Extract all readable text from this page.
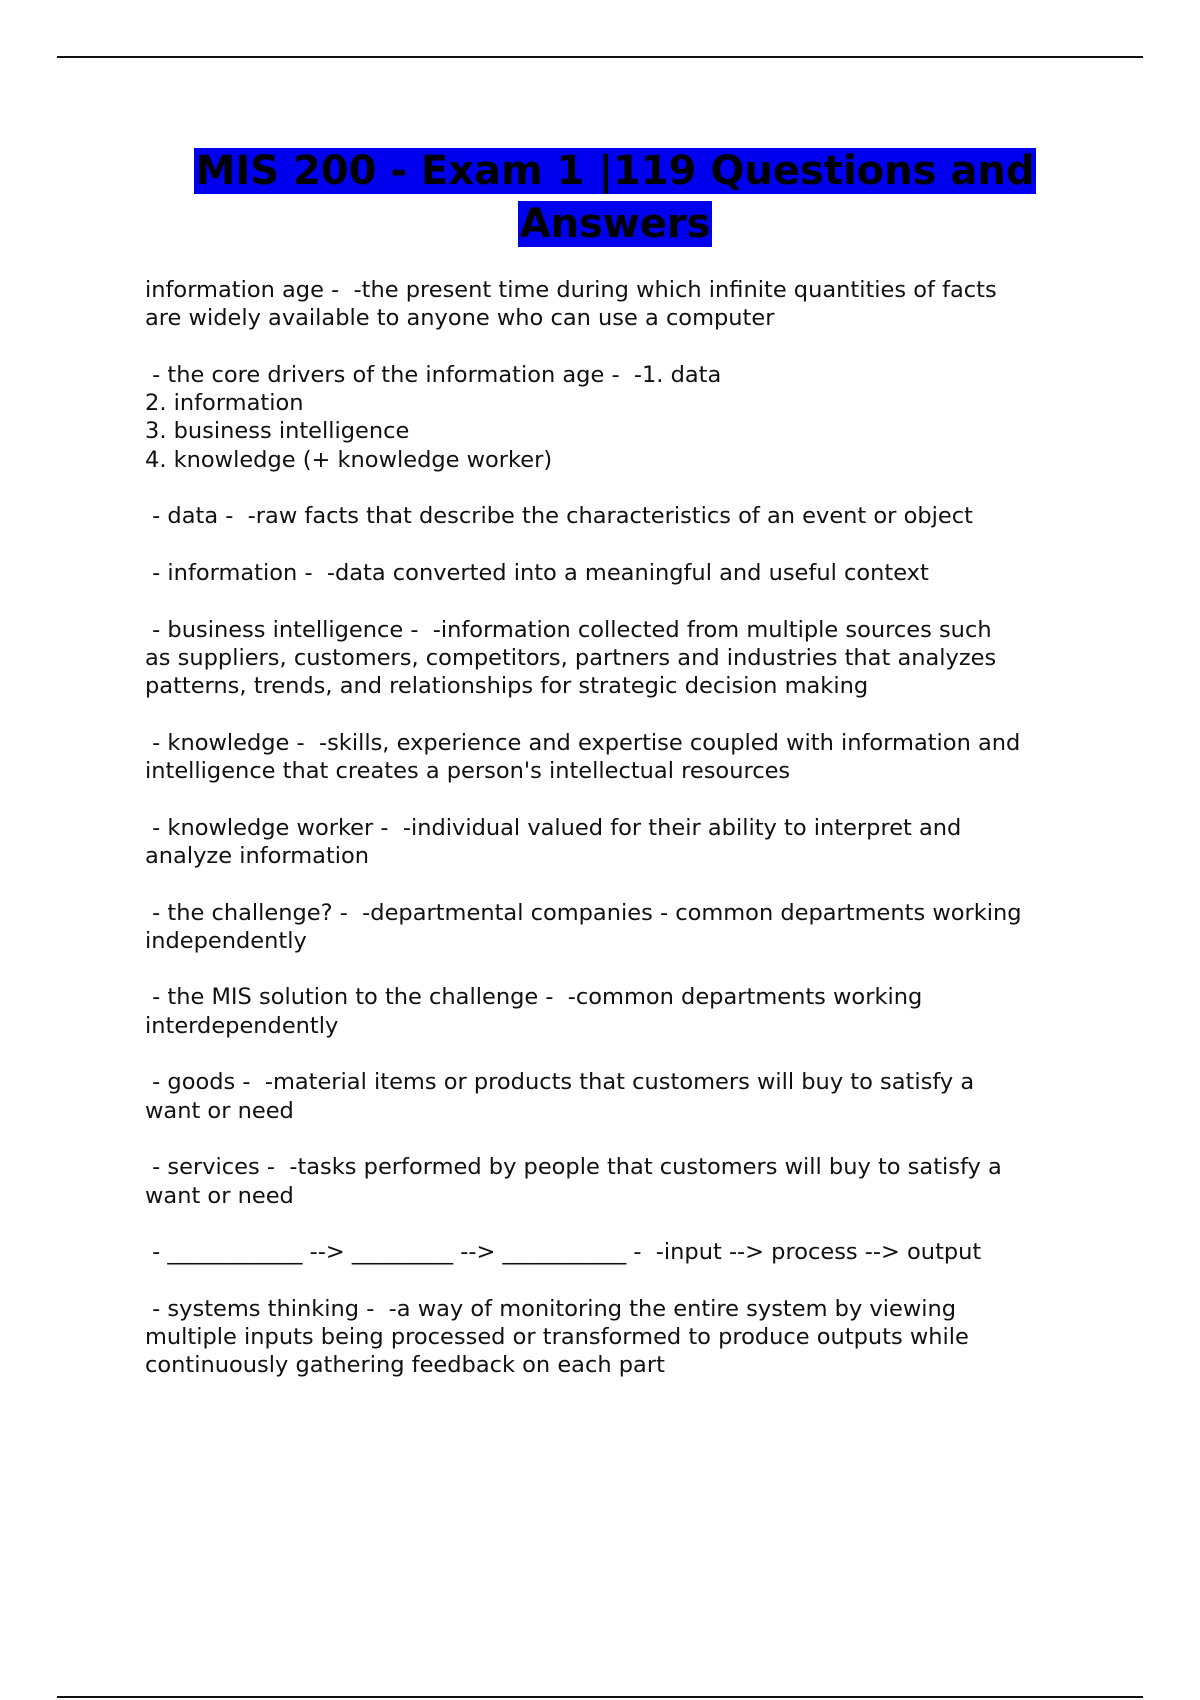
MIS 200 - Exam 1 |119 Questions and
Answers
information age -  -the present time during which infinite quantities of facts
are widely available to anyone who can use a computer
- the core drivers of the information age -  -1. data
2. information
3. business intelligence
4. knowledge (+ knowledge worker)
- data -  -raw facts that describe the characteristics of an event or object
- information -  -data converted into a meaningful and useful context
- business intelligence -  -information collected from multiple sources such
as suppliers, customers, competitors, partners and industries that analyzes
patterns, trends, and relationships for strategic decision making
- knowledge -  -skills, experience and expertise coupled with information and
intelligence that creates a person's intellectual resources
- knowledge worker -  -individual valued for their ability to interpret and
analyze information
- the challenge? -  -departmental companies - common departments working
independently
- the MIS solution to the challenge -  -common departments working
interdependently
- goods -  -material items or products that customers will buy to satisfy a
want or need
- services -  -tasks performed by people that customers will buy to satisfy a
want or need
- ____________ --> _________ --> ___________ -  -input --> process --> output
- systems thinking -  -a way of monitoring the entire system by viewing
multiple inputs being processed or transformed to produce outputs while
continuously gathering feedback on each part
